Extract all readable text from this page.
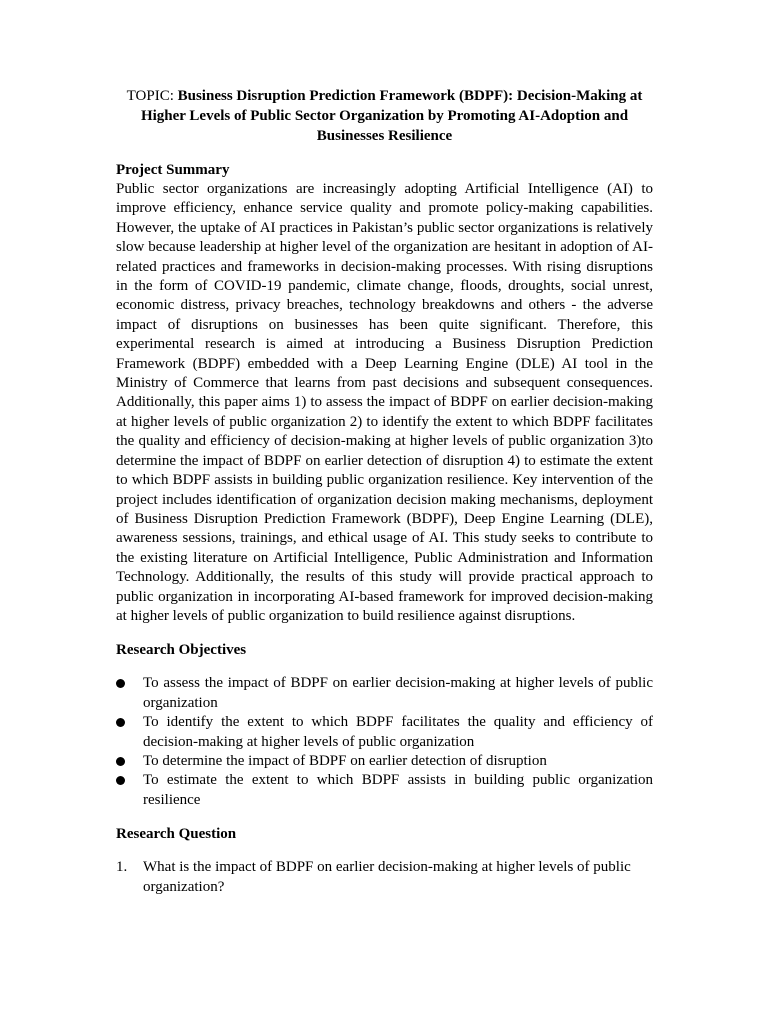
TOPIC: Business Disruption Prediction Framework (BDPF): Decision-Making at Higher Levels of Public Sector Organization by Promoting AI-Adoption and Businesses Resilience

Project Summary

Public sector organizations are increasingly adopting Artificial Intelligence (AI) to improve efficiency, enhance service quality and promote policy-making capabilities. However, the uptake of AI practices in Pakistan’s public sector organizations is relatively slow because leadership at higher level of the organization are hesitant in adoption of AI-related practices and frameworks in decision-making processes. With rising disruptions in the form of COVID-19 pandemic, climate change, floods, droughts, social unrest, economic distress, privacy breaches, technology breakdowns and others - the adverse impact of disruptions on businesses has been quite significant. Therefore, this experimental research is aimed at introducing a Business Disruption Prediction Framework (BDPF) embedded with a Deep Learning Engine (DLE) AI tool in the Ministry of Commerce that learns from past decisions and subsequent consequences. Additionally, this paper aims 1) to assess the impact of BDPF on earlier decision-making at higher levels of public organization 2) to identify the extent to which BDPF facilitates the quality and efficiency of decision-making at higher levels of public organization 3)to determine the impact of BDPF on earlier detection of disruption 4) to estimate the extent to which BDPF assists in building public organization resilience. Key intervention of the project includes identification of organization decision making mechanisms, deployment of Business Disruption Prediction Framework (BDPF), Deep Engine Learning (DLE), awareness sessions, trainings, and ethical usage of AI. This study seeks to contribute to the existing literature on Artificial Intelligence, Public Administration and Information Technology. Additionally, the results of this study will provide practical approach to public organization in incorporating AI-based framework for improved decision-making at higher levels of public organization to build resilience against disruptions.

Research Objectives
To assess the impact of BDPF on earlier decision-making at higher levels of public organization
To identify the extent to which BDPF facilitates the quality and efficiency of decision-making at higher levels of public organization
To determine the impact of BDPF on earlier detection of disruption
To estimate the extent to which BDPF assists in building public organization resilience
Research Question
1. What is the impact of BDPF on earlier decision-making at higher levels of public organization?
